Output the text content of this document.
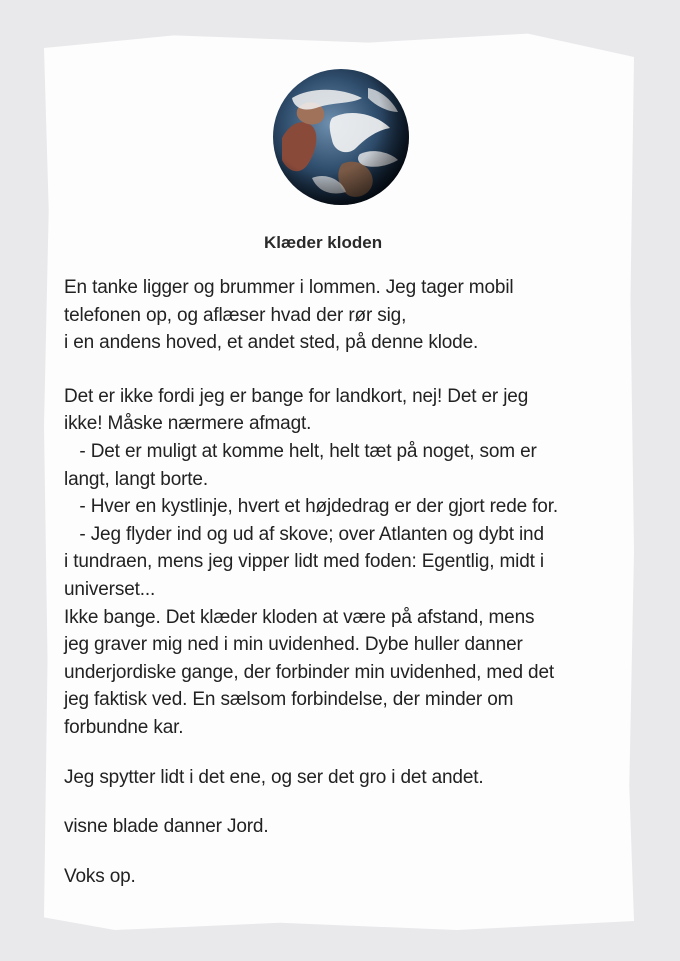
Klæder kloden

En tanke ligger og brummer i lommen. Jeg tager mobil
telefonen op, og aflæser hvad der rør sig,
i en andens hoved, et andet sted, på denne klode.

Det er ikke fordi jeg er bange for landkort, nej! Det er jeg
ikke! Måske nærmere afmagt.
- Det er muligt at komme helt, helt tæt på noget, som er
langt, langt borte.
- Hver en kystlinje, hvert et højdedrag er der gjort rede for.
- Jeg flyder ind og ud af skove; over Atlanten og dybt ind
i tundraen, mens jeg vipper lidt med foden: Egentlig, midt i
universet...
Ikke bange. Det klæder kloden at være på afstand, mens
jeg graver mig ned i min uvidenhed. Dybe huller danner
underjordiske gange, der forbinder min uvidenhed, med det
jeg faktisk ved. En sælsom forbindelse, der minder om
forbundne kar.

Jeg spytter lidt i det ene, og ser det gro i det andet.

visne blade danner Jord.

Voks op.
